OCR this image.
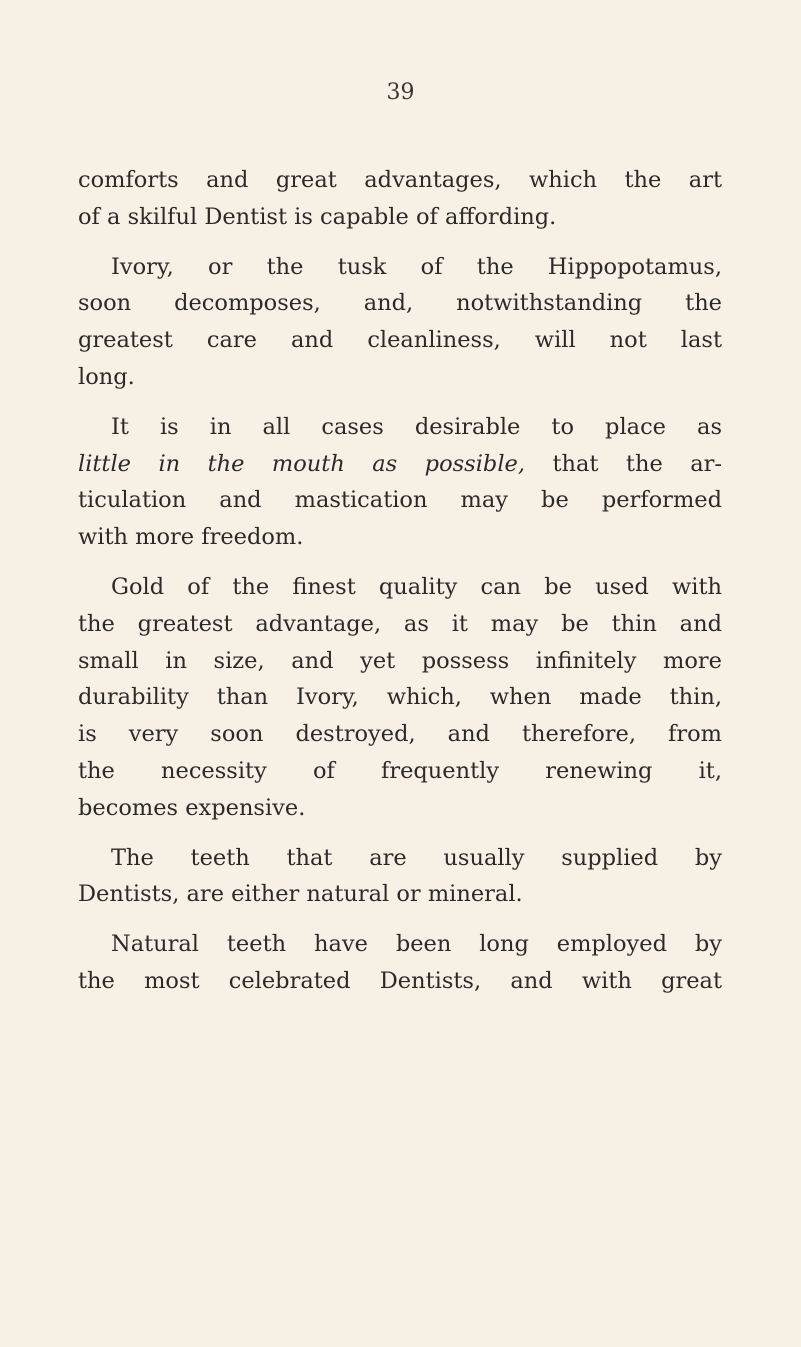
39

comforts and great advantages, which the art
of a skilful Dentist is capable of affording.

Ivory, or the tusk of the Hippopotamus,
soon decomposes, and, notwithstanding the
greatest care and cleanliness, will not last
long.

It is in all cases desirable to place as
little in the mouth as possible, that the ar-
ticulation and mastication may be performed
with more freedom.

Gold of the finest quality can be used with
the greatest advantage, as it may be thin and
small in size, and yet possess infinitely more
durability than Ivory, which, when made thin,
is very soon destroyed, and therefore, from
the necessity of frequently renewing it,
becomes expensive.

The teeth that are usually supplied by
Dentists, are either natural or mineral.

Natural teeth have been long employed by
the most celebrated Dentists, and with great
